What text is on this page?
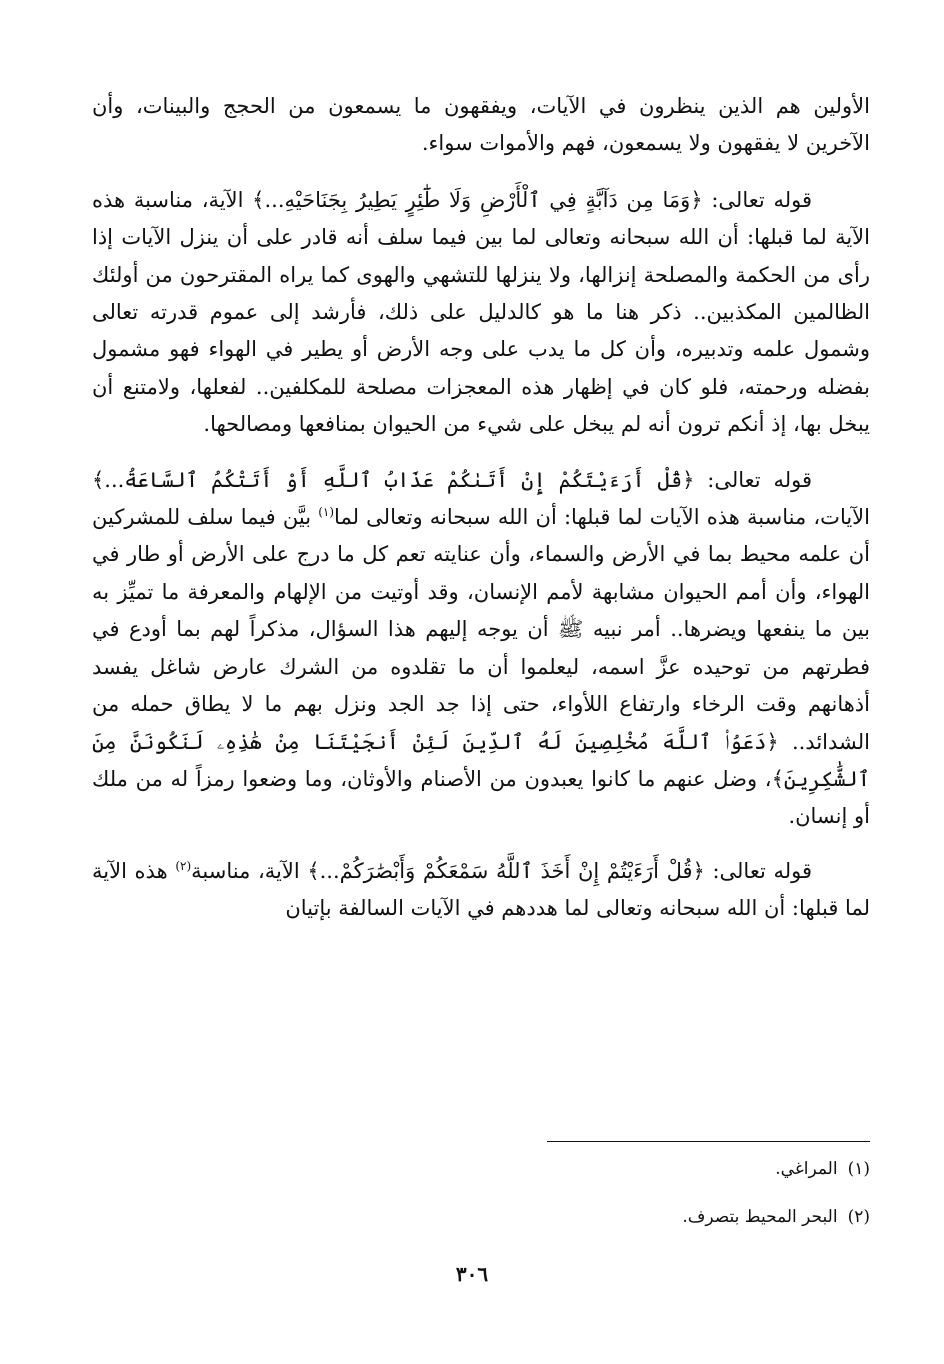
الأولين هم الذين ينظرون في الآيات، ويفقهون ما يسمعون من الحجج والبينات، وأن الآخرين لا يفقهون ولا يسمعون، فهم والأموات سواء.

قوله تعالى: ﴿وَمَا مِن دَآبَّةٍ فِي ٱلْأَرْضِ وَلَا طَٰٓئِرٍ يَطِيرُ بِجَنَاحَيْهِ...﴾ الآية، مناسبة هذه الآية لما قبلها: أن الله سبحانه وتعالى لما بين فيما سلف أنه قادر على أن ينزل الآيات إذا رأى من الحكمة والمصلحة إنزالها، ولا ينزلها للتشهي والهوى كما يراه المقترحون من أولئك الظالمين المكذبين.. ذكر هنا ما هو كالدليل على ذلك، فأرشد إلى عموم قدرته تعالى وشمول علمه وتدبيره، وأن كل ما يدب على وجه الأرض أو يطير في الهواء فهو مشمول بفضله ورحمته، فلو كان في إظهار هذه المعجزات مصلحة للمكلفين.. لفعلها، ولامتنع أن يبخل بها، إذ أنكم ترون أنه لم يبخل على شيء من الحيوان بمنافعها ومصالحها.

قوله تعالى: ﴿قُلْ أَرَءَيْتَكُمْ إِنْ أَتَىٰكُمْ عَذَابُ ٱللَّهِ أَوْ أَتَتْكُمُ ٱلسَّاعَةُ...﴾ الآيات، مناسبة هذه الآيات لما قبلها: أن الله سبحانه وتعالى لما$^{(١)}$ بيَّن فيما سلف للمشركين أن علمه محيط بما في الأرض والسماء، وأن عنايته تعم كل ما درج على الأرض أو طار في الهواء، وأن أمم الحيوان مشابهة لأمم الإنسان، وقد أوتيت من الإلهام والمعرفة ما تميِّز به بين ما ينفعها ويضرها.. أمر نبيه ﷺ أن يوجه إليهم هذا السؤال، مذكراً لهم بما أودع في فطرتهم من توحيده عزَّ اسمه، ليعلموا أن ما تقلدوه من الشرك عارض شاغل يفسد أذهانهم وقت الرخاء وارتفاع اللأواء، حتى إذا جد الجد ونزل بهم ما لا يطاق حمله من الشدائد.. ﴿دَعَوُا۟ ٱللَّهَ مُخْلِصِينَ لَهُ ٱلدِّينَ لَئِنْ أَنجَيْتَنَا مِنْ هَٰذِهِۦ لَنَكُونَنَّ مِنَ ٱلشَّٰكِرِينَ﴾، وضل عنهم ما كانوا يعبدون من الأصنام والأوثان، وما وضعوا رمزاً له من ملك أو إنسان.

قوله تعالى: ﴿قُلْ أَرَءَيْتُمْ إِنْ أَخَذَ ٱللَّهُ سَمْعَكُمْ وَأَبْصَٰرَكُمْ...﴾ الآية، مناسبة$^{(٢)}$ هذه الآية لما قبلها: أن الله سبحانه وتعالى لما هددهم في الآيات السالفة بإتيان

(١)المراغي.

(٢)البحر المحيط بتصرف.

٣٠٦
